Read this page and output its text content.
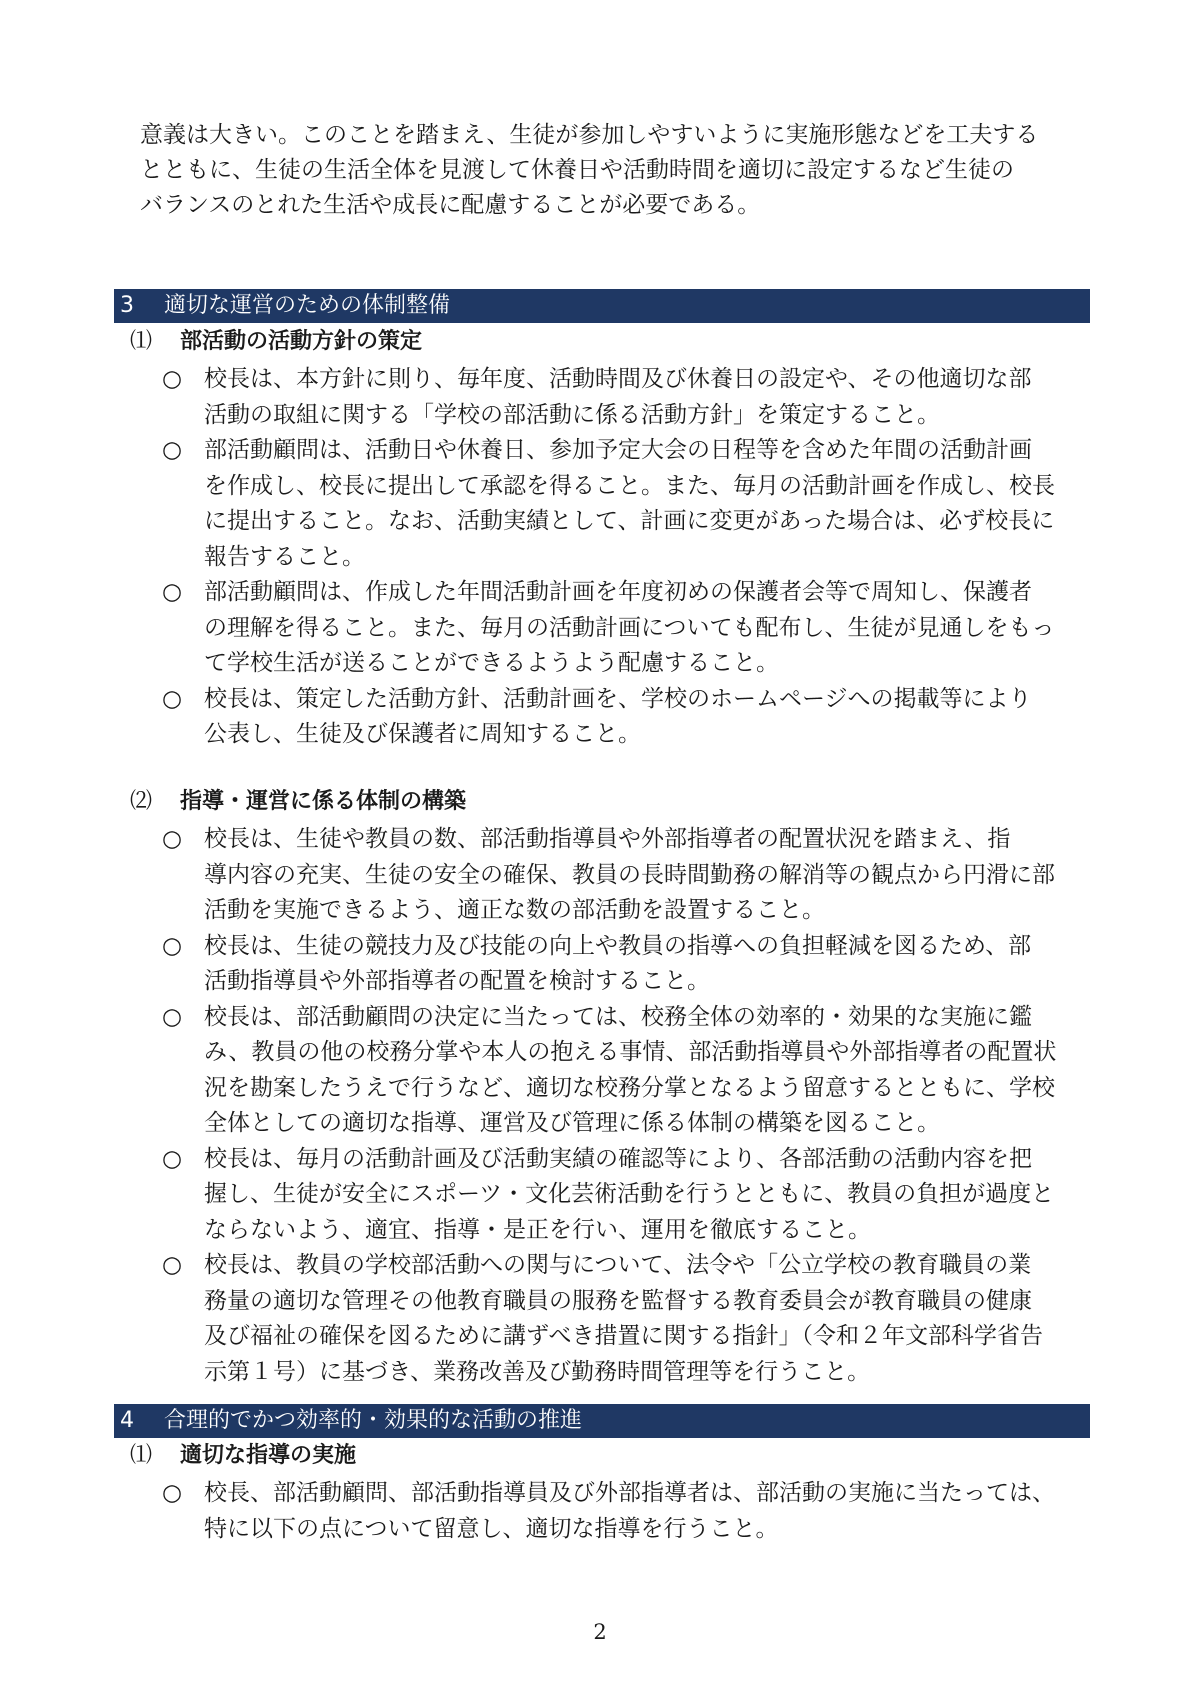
意義は大きい。このことを踏まえ、生徒が参加しやすいように実施形態などを工夫する

とともに、生徒の生活全体を見渡して休養日や活動時間を適切に設定するなど生徒の

バランスのとれた生活や成長に配慮することが必要である。

3	適切な運営のための体制整備
⑴	部活動の活動方針の策定
○ 校長は、本方針に則り、毎年度、活動時間及び休養日の設定や、その他適切な部
活動の取組に関する「学校の部活動に係る活動方針」を策定すること。
○ 部活動顧問は、活動日や休養日、参加予定大会の日程等を含めた年間の活動計画
を作成し、校長に提出して承認を得ること。また、毎月の活動計画を作成し、校長
に提出すること。なお、活動実績として、計画に変更があった場合は、必ず校長に
報告すること。
○ 部活動顧問は、作成した年間活動計画を年度初めの保護者会等で周知し、保護者
の理解を得ること。また、毎月の活動計画についても配布し、生徒が見通しをもっ
て学校生活が送ることができるようよう配慮すること。
○ 校長は、策定した活動方針、活動計画を、学校のホームページへの掲載等により
公表し、生徒及び保護者に周知すること。
⑵	指導・運営に係る体制の構築
○ 校長は、生徒や教員の数、部活動指導員や外部指導者の配置状況を踏まえ、指
導内容の充実、生徒の安全の確保、教員の長時間勤務の解消等の観点から円滑に部
活動を実施できるよう、適正な数の部活動を設置すること。
○ 校長は、生徒の競技力及び技能の向上や教員の指導への負担軽減を図るため、部
活動指導員や外部指導者の配置を検討すること。
○ 校長は、部活動顧問の決定に当たっては、校務全体の効率的・効果的な実施に鑑
み、教員の他の校務分掌や本人の抱える事情、部活動指導員や外部指導者の配置状
況を勘案したうえで行うなど、適切な校務分掌となるよう留意するとともに、学校
全体としての適切な指導、運営及び管理に係る体制の構築を図ること。
○ 校長は、毎月の活動計画及び活動実績の確認等により、各部活動の活動内容を把
握し、生徒が安全にスポーツ・文化芸術活動を行うとともに、教員の負担が過度と
ならないよう、適宜、指導・是正を行い、運用を徹底すること。
○ 校長は、教員の学校部活動への関与について、法令や「公立学校の教育職員の業
務量の適切な管理その他教育職員の服務を監督する教育委員会が教育職員の健康
及び福祉の確保を図るために講ずべき措置に関する指針」（令和２年文部科学省告
示第１号）に基づき、業務改善及び勤務時間管理等を行うこと。
4	合理的でかつ効率的・効果的な活動の推進
⑴	適切な指導の実施
○ 校長、部活動顧問、部活動指導員及び外部指導者は、部活動の実施に当たっては、
特に以下の点について留意し、適切な指導を行うこと。
2
